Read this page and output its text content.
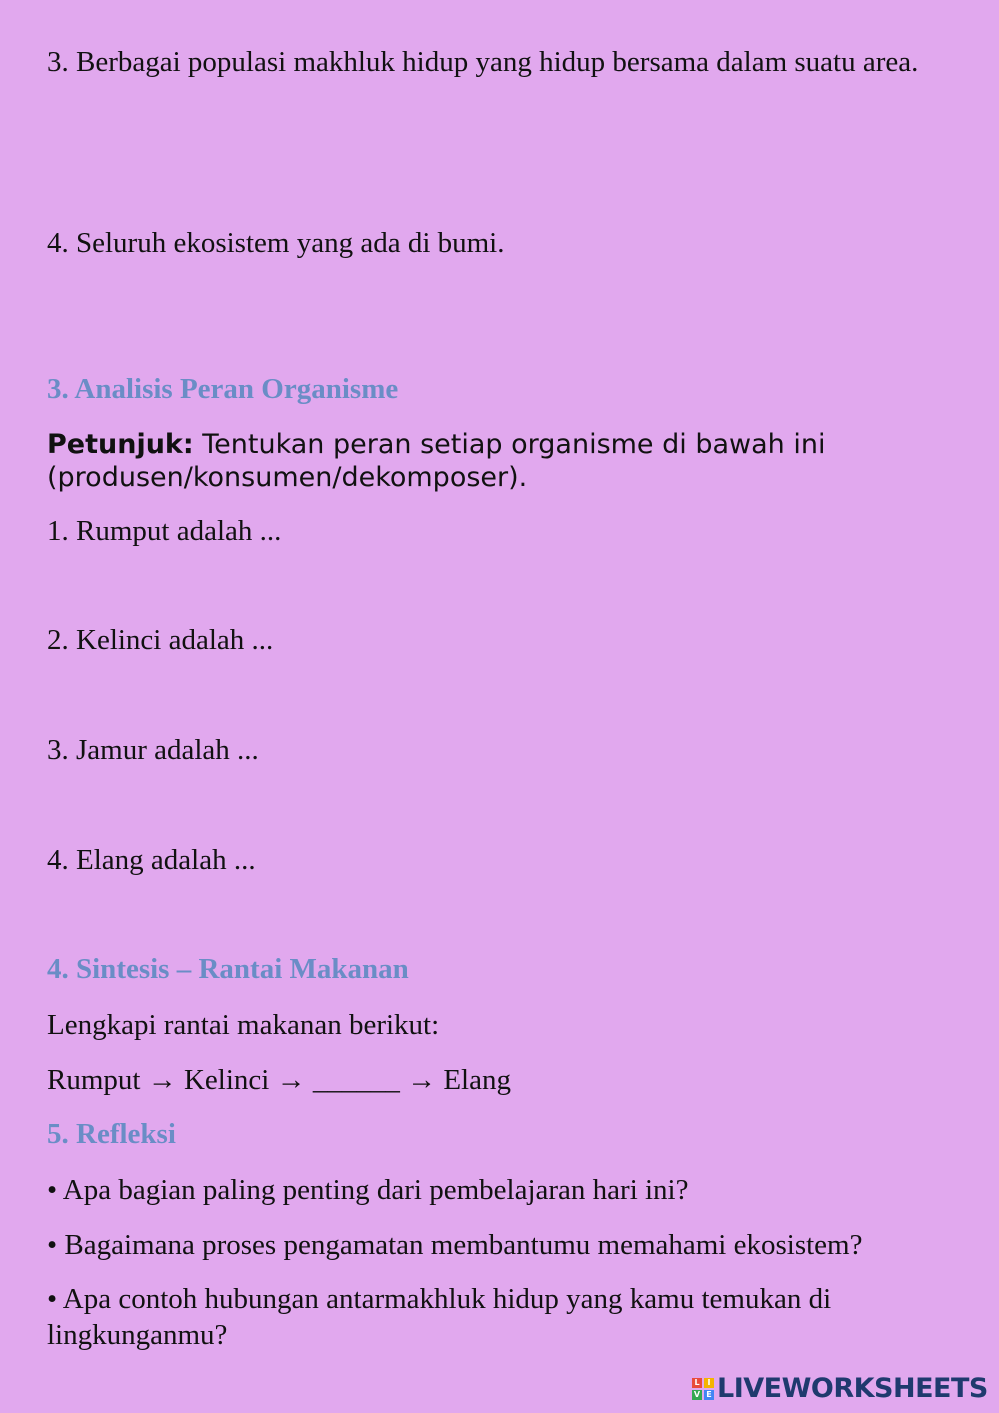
3. Berbagai populasi makhluk hidup yang hidup bersama dalam suatu area.

4. Seluruh ekosistem yang ada di bumi.

3. Analisis Peran Organisme

Petunjuk: Tentukan peran setiap organisme di bawah ini (produsen/konsumen/dekomposer).

1. Rumput adalah ...

2. Kelinci adalah ...

3. Jamur adalah ...

4. Elang adalah ...

4. Sintesis – Rantai Makanan

Lengkapi rantai makanan berikut:

Rumput → Kelinci → ______ → Elang

5. Refleksi

• Apa bagian paling penting dari pembelajaran hari ini?

• Bagaimana proses pengamatan membantumu memahami ekosistem?

• Apa contoh hubungan antarmakhluk hidup yang kamu temukan di lingkunganmu?

L I
V E LIVEWORKSHEETS
